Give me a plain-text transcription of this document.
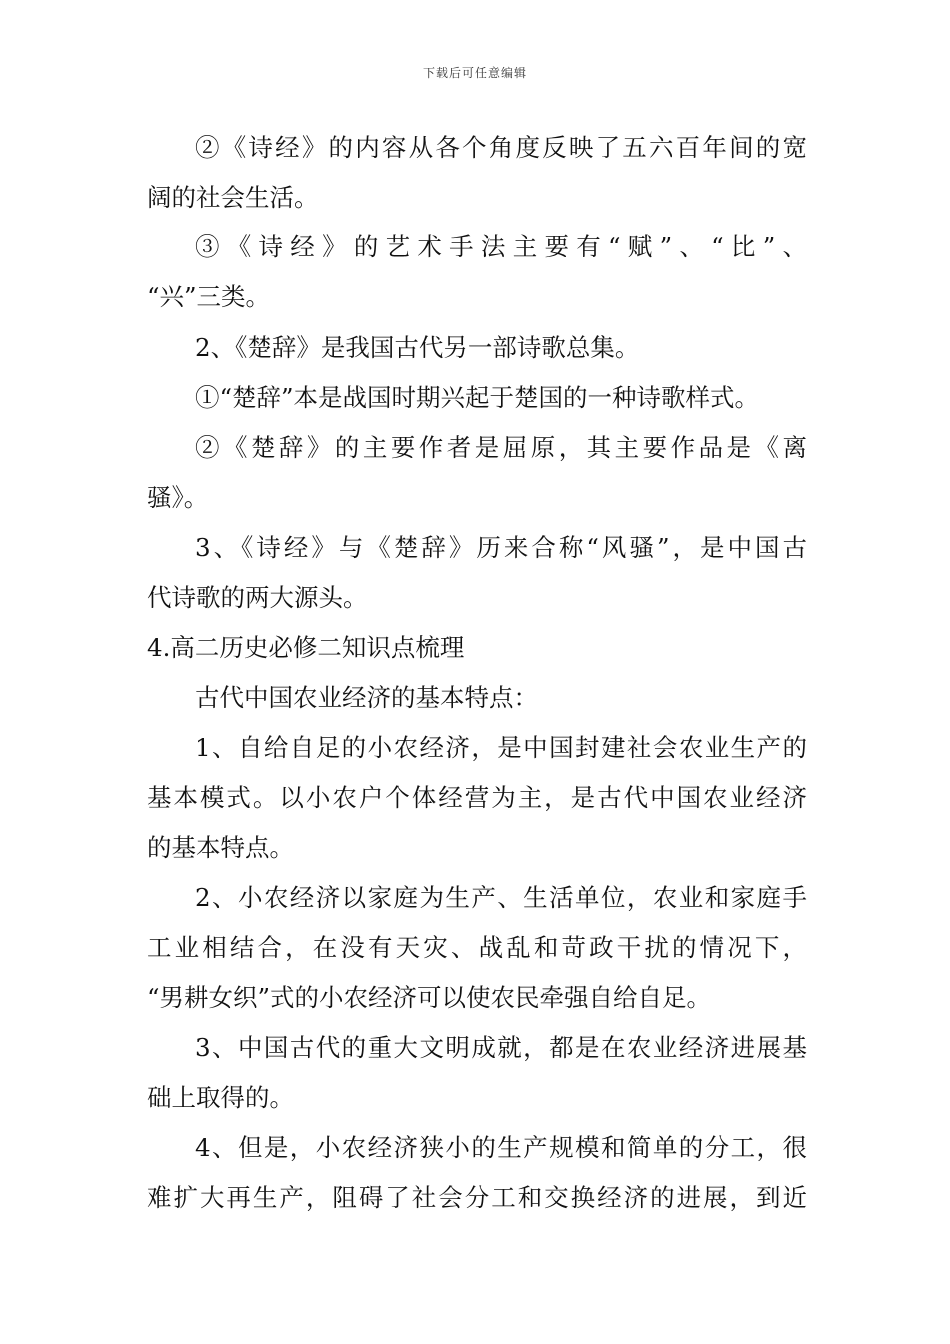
下载后可任意编辑
②《诗经》的内容从各个角度反映了五六百年间的宽
阔的社会生活。
③《诗经》的艺术手法主要有“赋”、“比”、
“兴”三类。
2、《楚辞》是我国古代另一部诗歌总集。
①“楚辞”本是战国时期兴起于楚国的一种诗歌样式。
②《楚辞》的主要作者是屈原，其主要作品是《离
骚》。
3、《诗经》与《楚辞》历来合称“风骚”，是中国古
代诗歌的两大源头。
4.高二历史必修二知识点梳理
古代中国农业经济的基本特点：
1、自给自足的小农经济，是中国封建社会农业生产的
基本模式。以小农户个体经营为主，是古代中国农业经济
的基本特点。
2、小农经济以家庭为生产、生活单位，农业和家庭手
工业相结合，在没有天灾、战乱和苛政干扰的情况下，
“男耕女织”式的小农经济可以使农民牵强自给自足。
3、中国古代的重大文明成就，都是在农业经济进展基
础上取得的。
4、但是，小农经济狭小的生产规模和简单的分工，很
难扩大再生产，阻碍了社会分工和交换经济的进展，到近
